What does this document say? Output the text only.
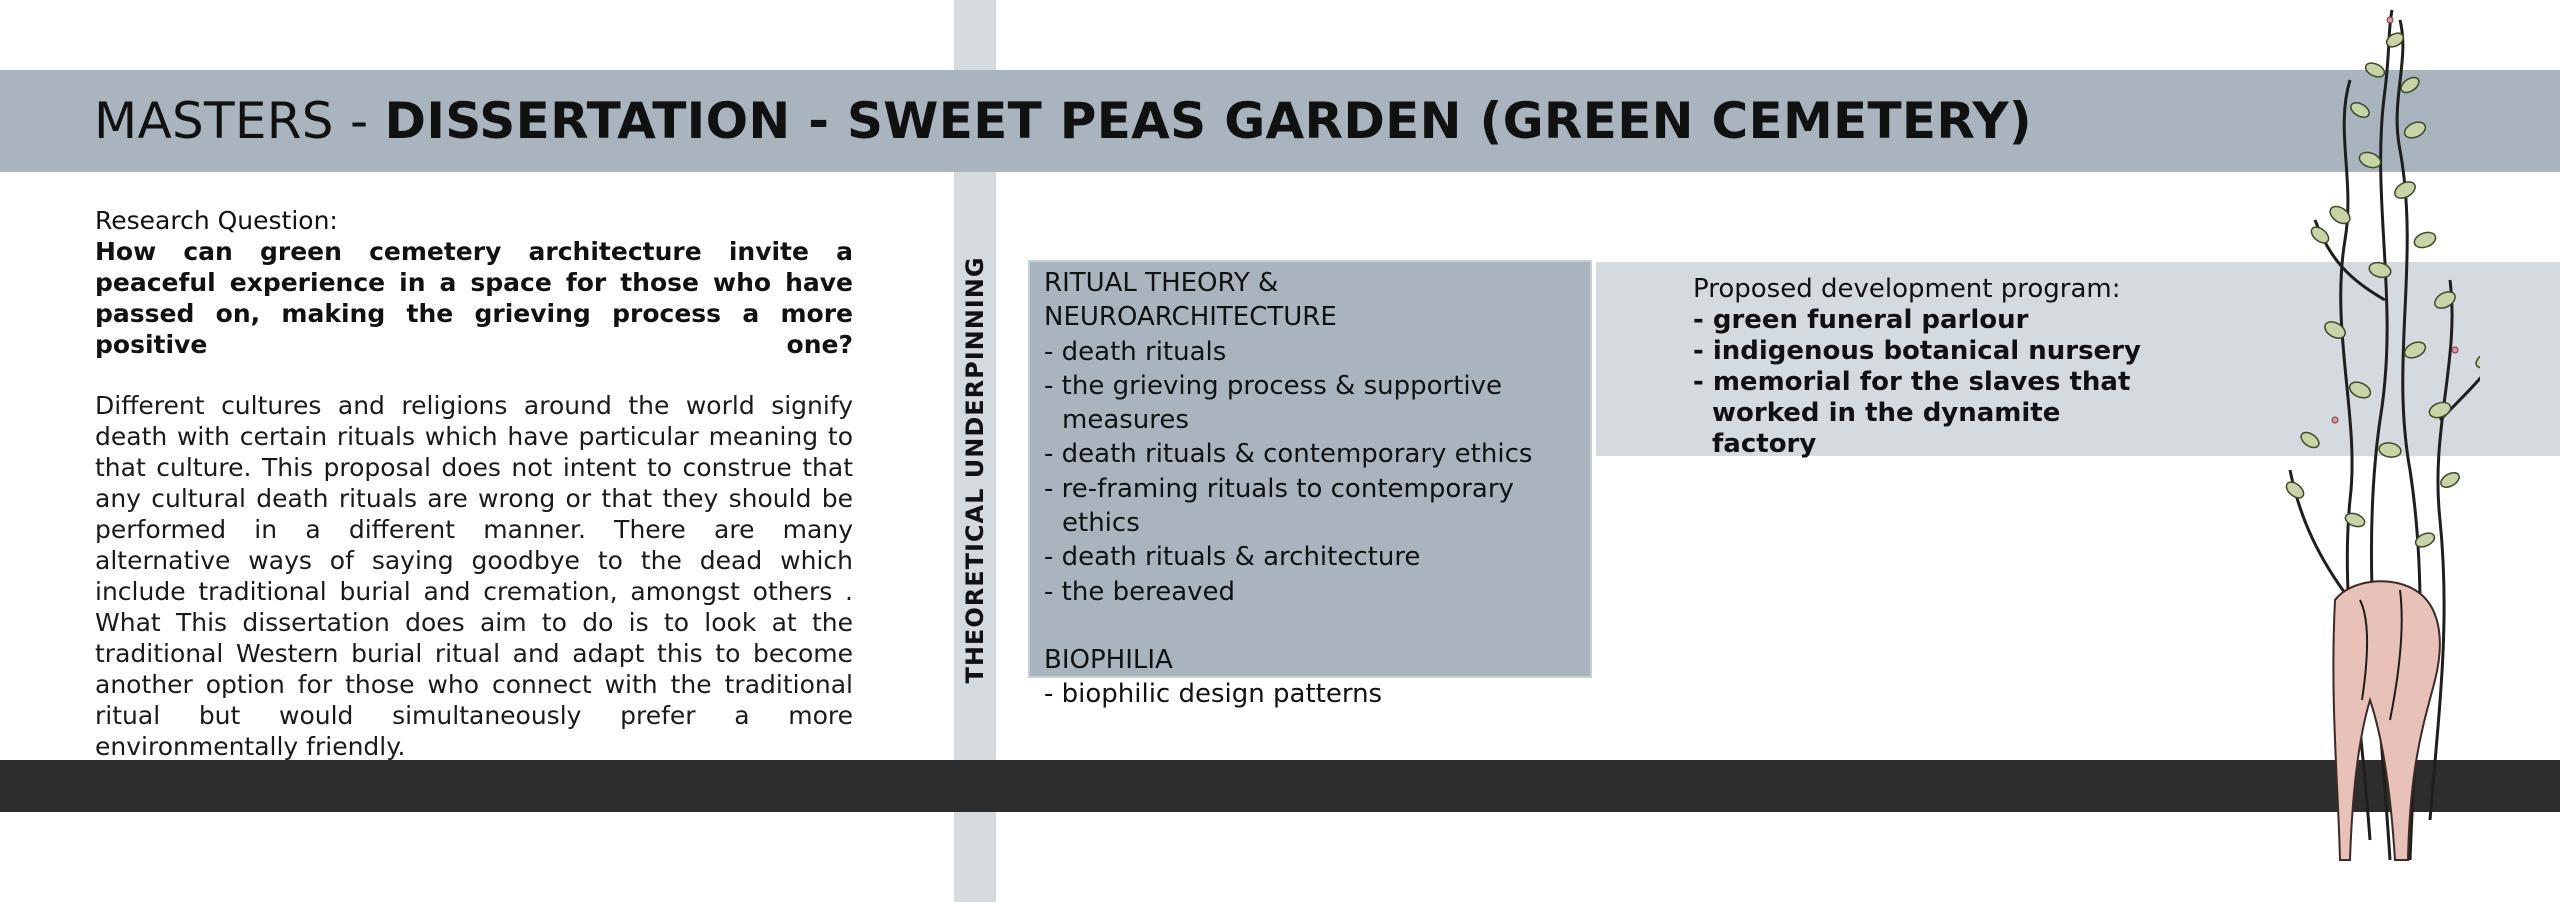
MASTERS - DISSERTATION - SWEET PEAS GARDEN (GREEN CEMETERY)
Research Question:
How can green cemetery architecture invite a peaceful experience in a space for those who have passed on, making the grieving process a more positive one?
Different cultures and religions around the world signify death with certain rituals which have particular meaning to that culture. This proposal does not intent to construe that any cultural death rituals are wrong or that they should be performed in a different manner. There are many alternative ways of saying goodbye to the dead which include traditional burial and cremation, amongst others . What This dissertation does aim to do is to look at the traditional Western burial ritual and adapt this to become another option for those who connect with the traditional ritual but would simultaneously prefer a more environmentally friendly.
THEORETICAL UNDERPINNING RITUAL THEORY & NEUROARCHITECTURE
- death rituals
- the grieving process & supportive measures
- death rituals & contemporary ethics
- re-framing rituals to contemporary ethics
- death rituals & architecture
- the bereaved
BIOPHILIA
- biophilic design patterns
Proposed development program:
- green funeral parlour
- indigenous botanical nursery
- memorial for the slaves that worked in the dynamite factory
